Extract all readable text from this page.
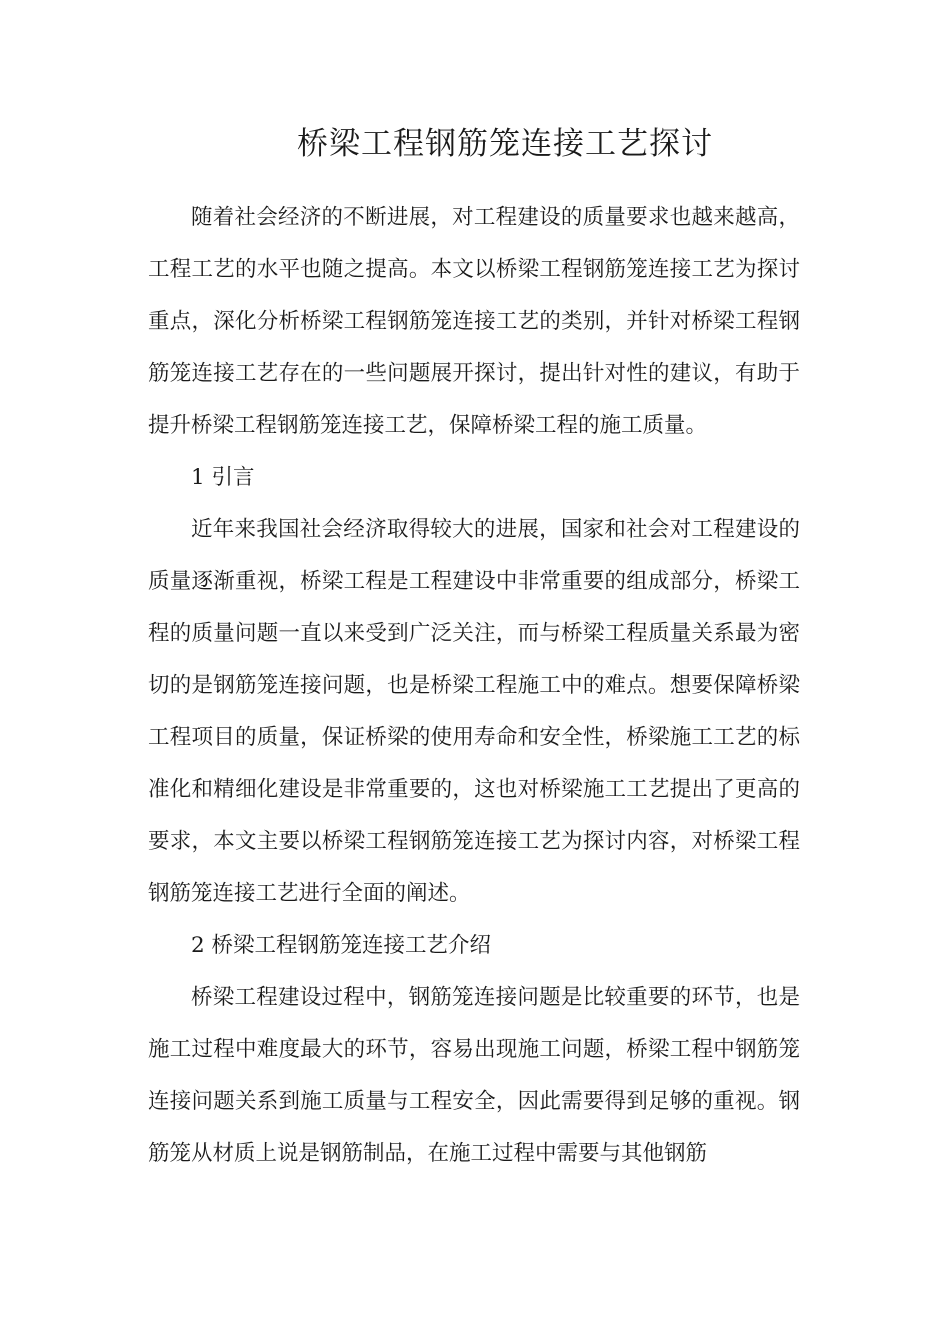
桥梁工程钢筋笼连接工艺探讨

随着社会经济的不断进展，对工程建设的质量要求也越来越高，工程工艺的水平也随之提高。本文以桥梁工程钢筋笼连接工艺为探讨重点，深化分析桥梁工程钢筋笼连接工艺的类别，并针对桥梁工程钢筋笼连接工艺存在的一些问题展开探讨，提出针对性的建议，有助于提升桥梁工程钢筋笼连接工艺，保障桥梁工程的施工质量。

1 引言

近年来我国社会经济取得较大的进展，国家和社会对工程建设的质量逐渐重视，桥梁工程是工程建设中非常重要的组成部分，桥梁工程的质量问题一直以来受到广泛关注，而与桥梁工程质量关系最为密切的是钢筋笼连接问题，也是桥梁工程施工中的难点。想要保障桥梁工程项目的质量，保证桥梁的使用寿命和安全性，桥梁施工工艺的标准化和精细化建设是非常重要的，这也对桥梁施工工艺提出了更高的要求，本文主要以桥梁工程钢筋笼连接工艺为探讨内容，对桥梁工程钢筋笼连接工艺进行全面的阐述。

2 桥梁工程钢筋笼连接工艺介绍

桥梁工程建设过程中，钢筋笼连接问题是比较重要的环节，也是施工过程中难度最大的环节，容易出现施工问题，桥梁工程中钢筋笼连接问题关系到施工质量与工程安全，因此需要得到足够的重视。钢筋笼从材质上说是钢筋制品，在施工过程中需要与其他钢筋
